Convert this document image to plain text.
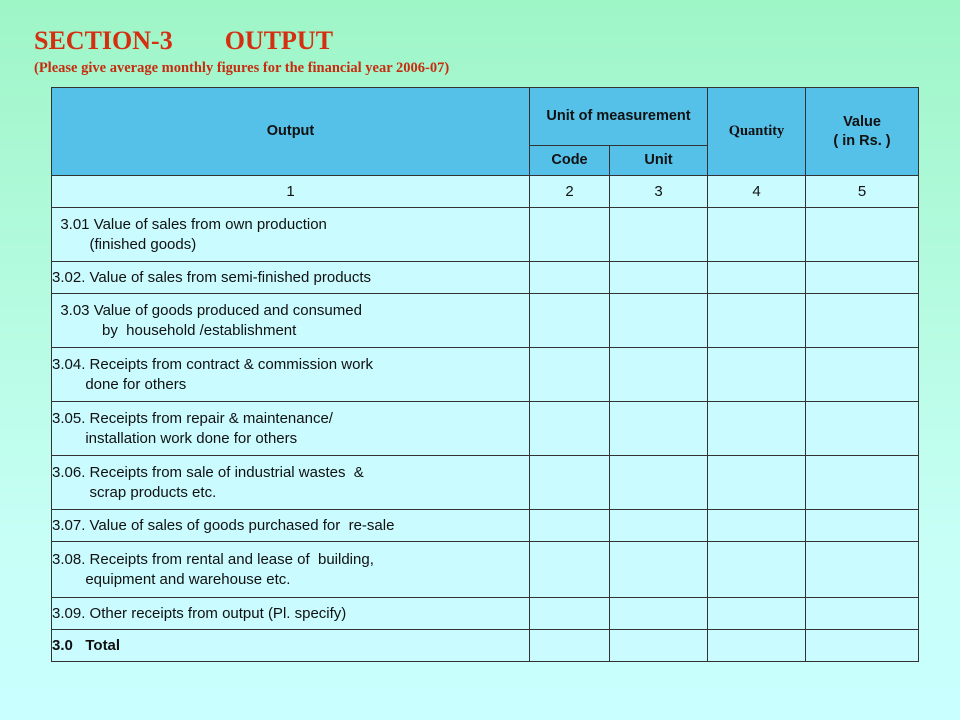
SECTION-3        OUTPUT

(Please give average monthly figures for the financial year 2006-07)

Output	Unit of measurement		Quantity	Value
( in Rs. )
	Code	Unit		
1	2	3	4	5
3.01 Value of sales from own production
(finished goods)				
3.02. Value of sales from semi-finished products				
3.03 Value of goods produced and consumed
by  household /establishment				
3.04. Receipts from contract & commission work
done for others				
3.05. Receipts from repair & maintenance/
installation work done for others				
3.06. Receipts from sale of industrial wastes  &
scrap products etc.				
3.07. Value of sales of goods purchased for  re-sale				
3.08. Receipts from rental and lease of  building,
equipment and warehouse etc.				
3.09. Other receipts from output (Pl. specify)				
3.0   Total				
